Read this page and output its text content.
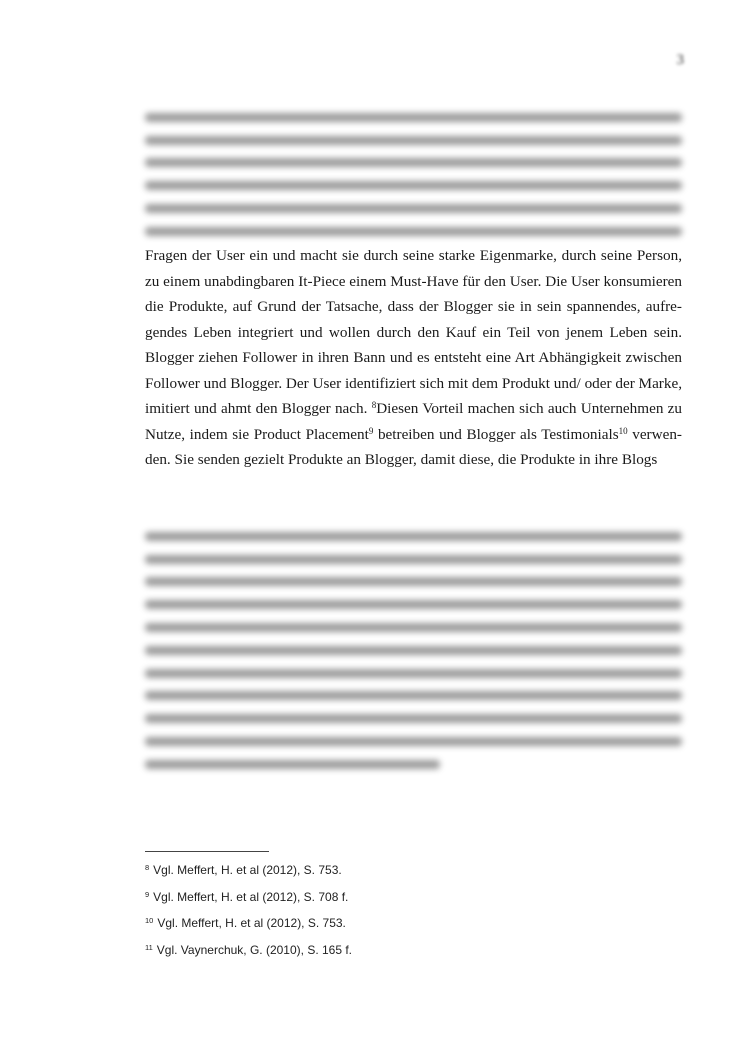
3
Fragen der User ein und macht sie durch seine starke Eigenmarke, durch seine Person, zu einem unabdingbaren It-Piece einem Must-Have für den User. Die User konsumieren die Produkte, auf Grund der Tatsache, dass der Blogger sie in sein spannendes, aufre- gendes Leben integriert und wollen durch den Kauf ein Teil von jenem Leben sein. Blogger ziehen Follower in ihren Bann und es entsteht eine Art Abhängigkeit zwischen Follower und Blogger. Der User identifiziert sich mit dem Produkt und/ oder der Marke, imitiert und ahmt den Blogger nach. $^8$Diesen Vorteil machen sich auch Unternehmen zu Nutze, indem sie Product Placement$^9$ betreiben und Blogger als Testimonials$^{10}$ verwen- den. Sie senden gezielt Produkte an Blogger, damit diese, die Produkte in ihre Blogs
$^8$ Vgl. Meffert, H. et al (2012), S. 753.
$^9$ Vgl. Meffert, H. et al (2012), S. 708 f.
$^{10}$ Vgl. Meffert, H. et al (2012), S. 753.
$^{11}$ Vgl. Vaynerchuk, G. (2010), S. 165 f.
